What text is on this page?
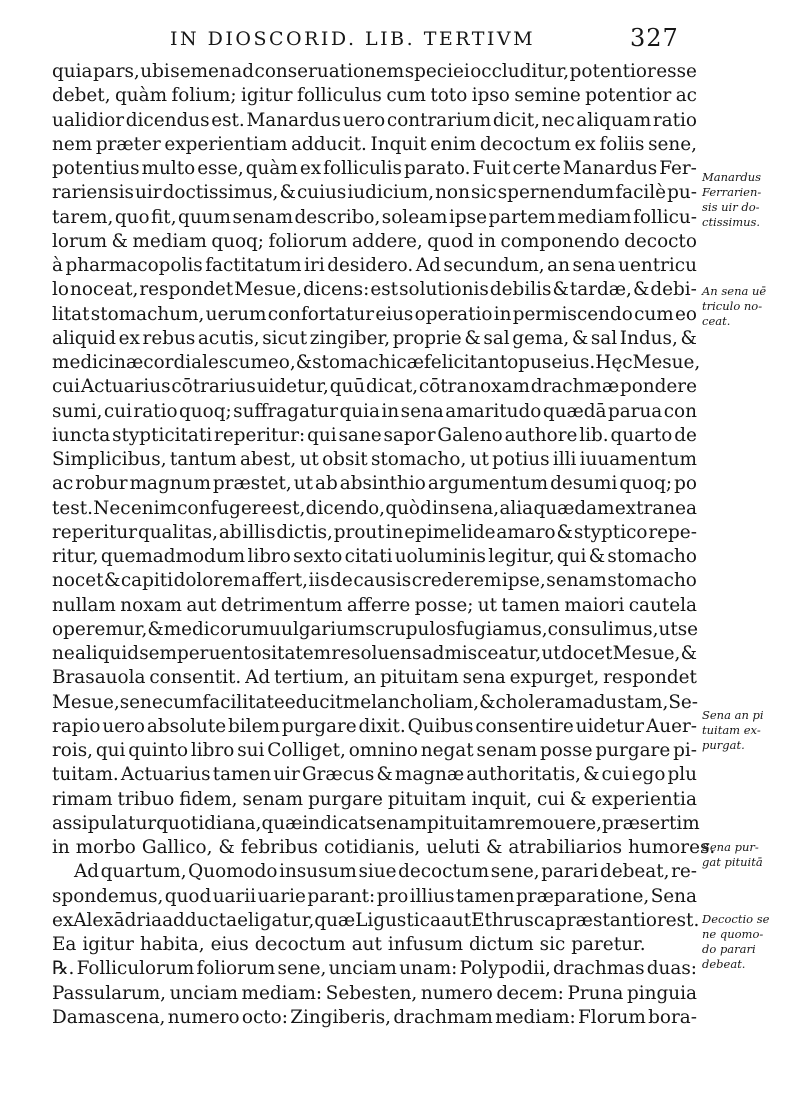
IN DIOSCORID. LIB. TERTIVM	327
quia pars, ubi semen ad conseruationem speciei occluditur, potentior esse
debet, quàm folium; igitur folliculus cum toto ipso semine potentior ac
ualidior dicendus est. Manardus uero contrarium dicit, nec aliquam ratio
nem præter experientiam adducit. Inquit enim decoctum ex foliis sene,
potentius multo esse, quàm ex folliculis parato. Fuit certe Manardus Fer-
rariensis uir doctissimus, & cuius iudicium, non sic spernendum facilè pu-
tarem, quo fit, quum senam describo, soleam ipse partem mediam follicu-
lorum & mediam quoq; foliorum addere, quod in componendo decocto
à pharmacopolis factitatum iri desidero. Ad secundum, an sena uentricu
lo noceat, respondet Mesue, dicens: est solutionis debilis & tardæ, & debi-
litat stomachum, uerum confortatur eius operatio in permiscendo cum eo
aliquid ex rebus acutis, sicut zingiber, proprie & sal gema, & sal Indus, &
medicinæ cordiales cum eo, & stomachicæ felicitant opus eius. Hęc Mesue,
cui Actuarius cōtrarius uidetur, quū dicat, cōtra noxam drachmæ pondere
sumi, cui ratio quoq; suffragatur quia in sena amaritudo quædā parua con
iuncta stypticitati reperitur: qui sane sapor Galeno authore lib. quarto de
Simplicibus, tantum abest, ut obsit stomacho, ut potius illi iuuamentum
ac robur magnum præstet, ut ab absinthio argumentum desumi quoq; po
test. Nec enim confugere est, dicendo, quòd in sena, alia quædam extranea
reperitur qualitas, ab illis dictis, prout in epimelide amaro & styptico repe-
ritur, quemadmodum libro sexto citati uoluminis legitur, qui & stomacho
nocet & capiti dolorem affert, iis de causis crederem ipse, senam stomacho
nullam noxam aut detrimentum afferre posse; ut tamen maiori cautela
operemur, & medicorum uulgarium scrupulos fugiamus, consulimus, ut se
ne aliquid semper uentositatem resoluens admisceatur, ut docet Mesue, &
Brasauola consentit. Ad tertium, an pituitam sena expurget, respondet
Mesue, sene cum facilitate educit melancholiam, & choleram adustam, Se-
rapio uero absolute bilem purgare dixit. Quibus consentire uidetur Auer-
rois, qui quinto libro sui Colliget, omnino negat senam posse purgare pi-
tuitam. Actuarius tamen uir Græcus & magnæ authoritatis, & cui ego plu
rimam tribuo fidem, senam purgare pituitam inquit, cui & experientia
assipulatur quotidiana, quæ indicat senam pituitam remouere, præsertim
in morbo Gallico, & febribus cotidianis, ueluti & atrabiliarios humores.
Ad quartum, Quomodo insusum siue decoctum sene, parari debeat, re-
spondemus, quod uarii uarie parant: pro illius tamen præparatione, Sena
ex Alexādria adducta eligatur, quæ Ligustica aut Ethrusca præstantior est.
Ea igitur habita, eius decoctum aut infusum dictum sic paretur.
℞. Folliculorum foliorum sene, unciam unam: Polypodii, drachmas duas:
Passularum, unciam mediam: Sebesten, numero decem: Pruna pinguia
Damascena, numero octo: Zingiberis, drachmam mediam: Florum bora-
Manardus
Ferrarien-
sis uir do-
ctissimus.
An sena uē
triculo no-
ceat.
Sena an pi
tuitam ex-
purgat.
Sena pur-
gat pituitā
Decoctio se
ne quomo-
do parari
debeat.
